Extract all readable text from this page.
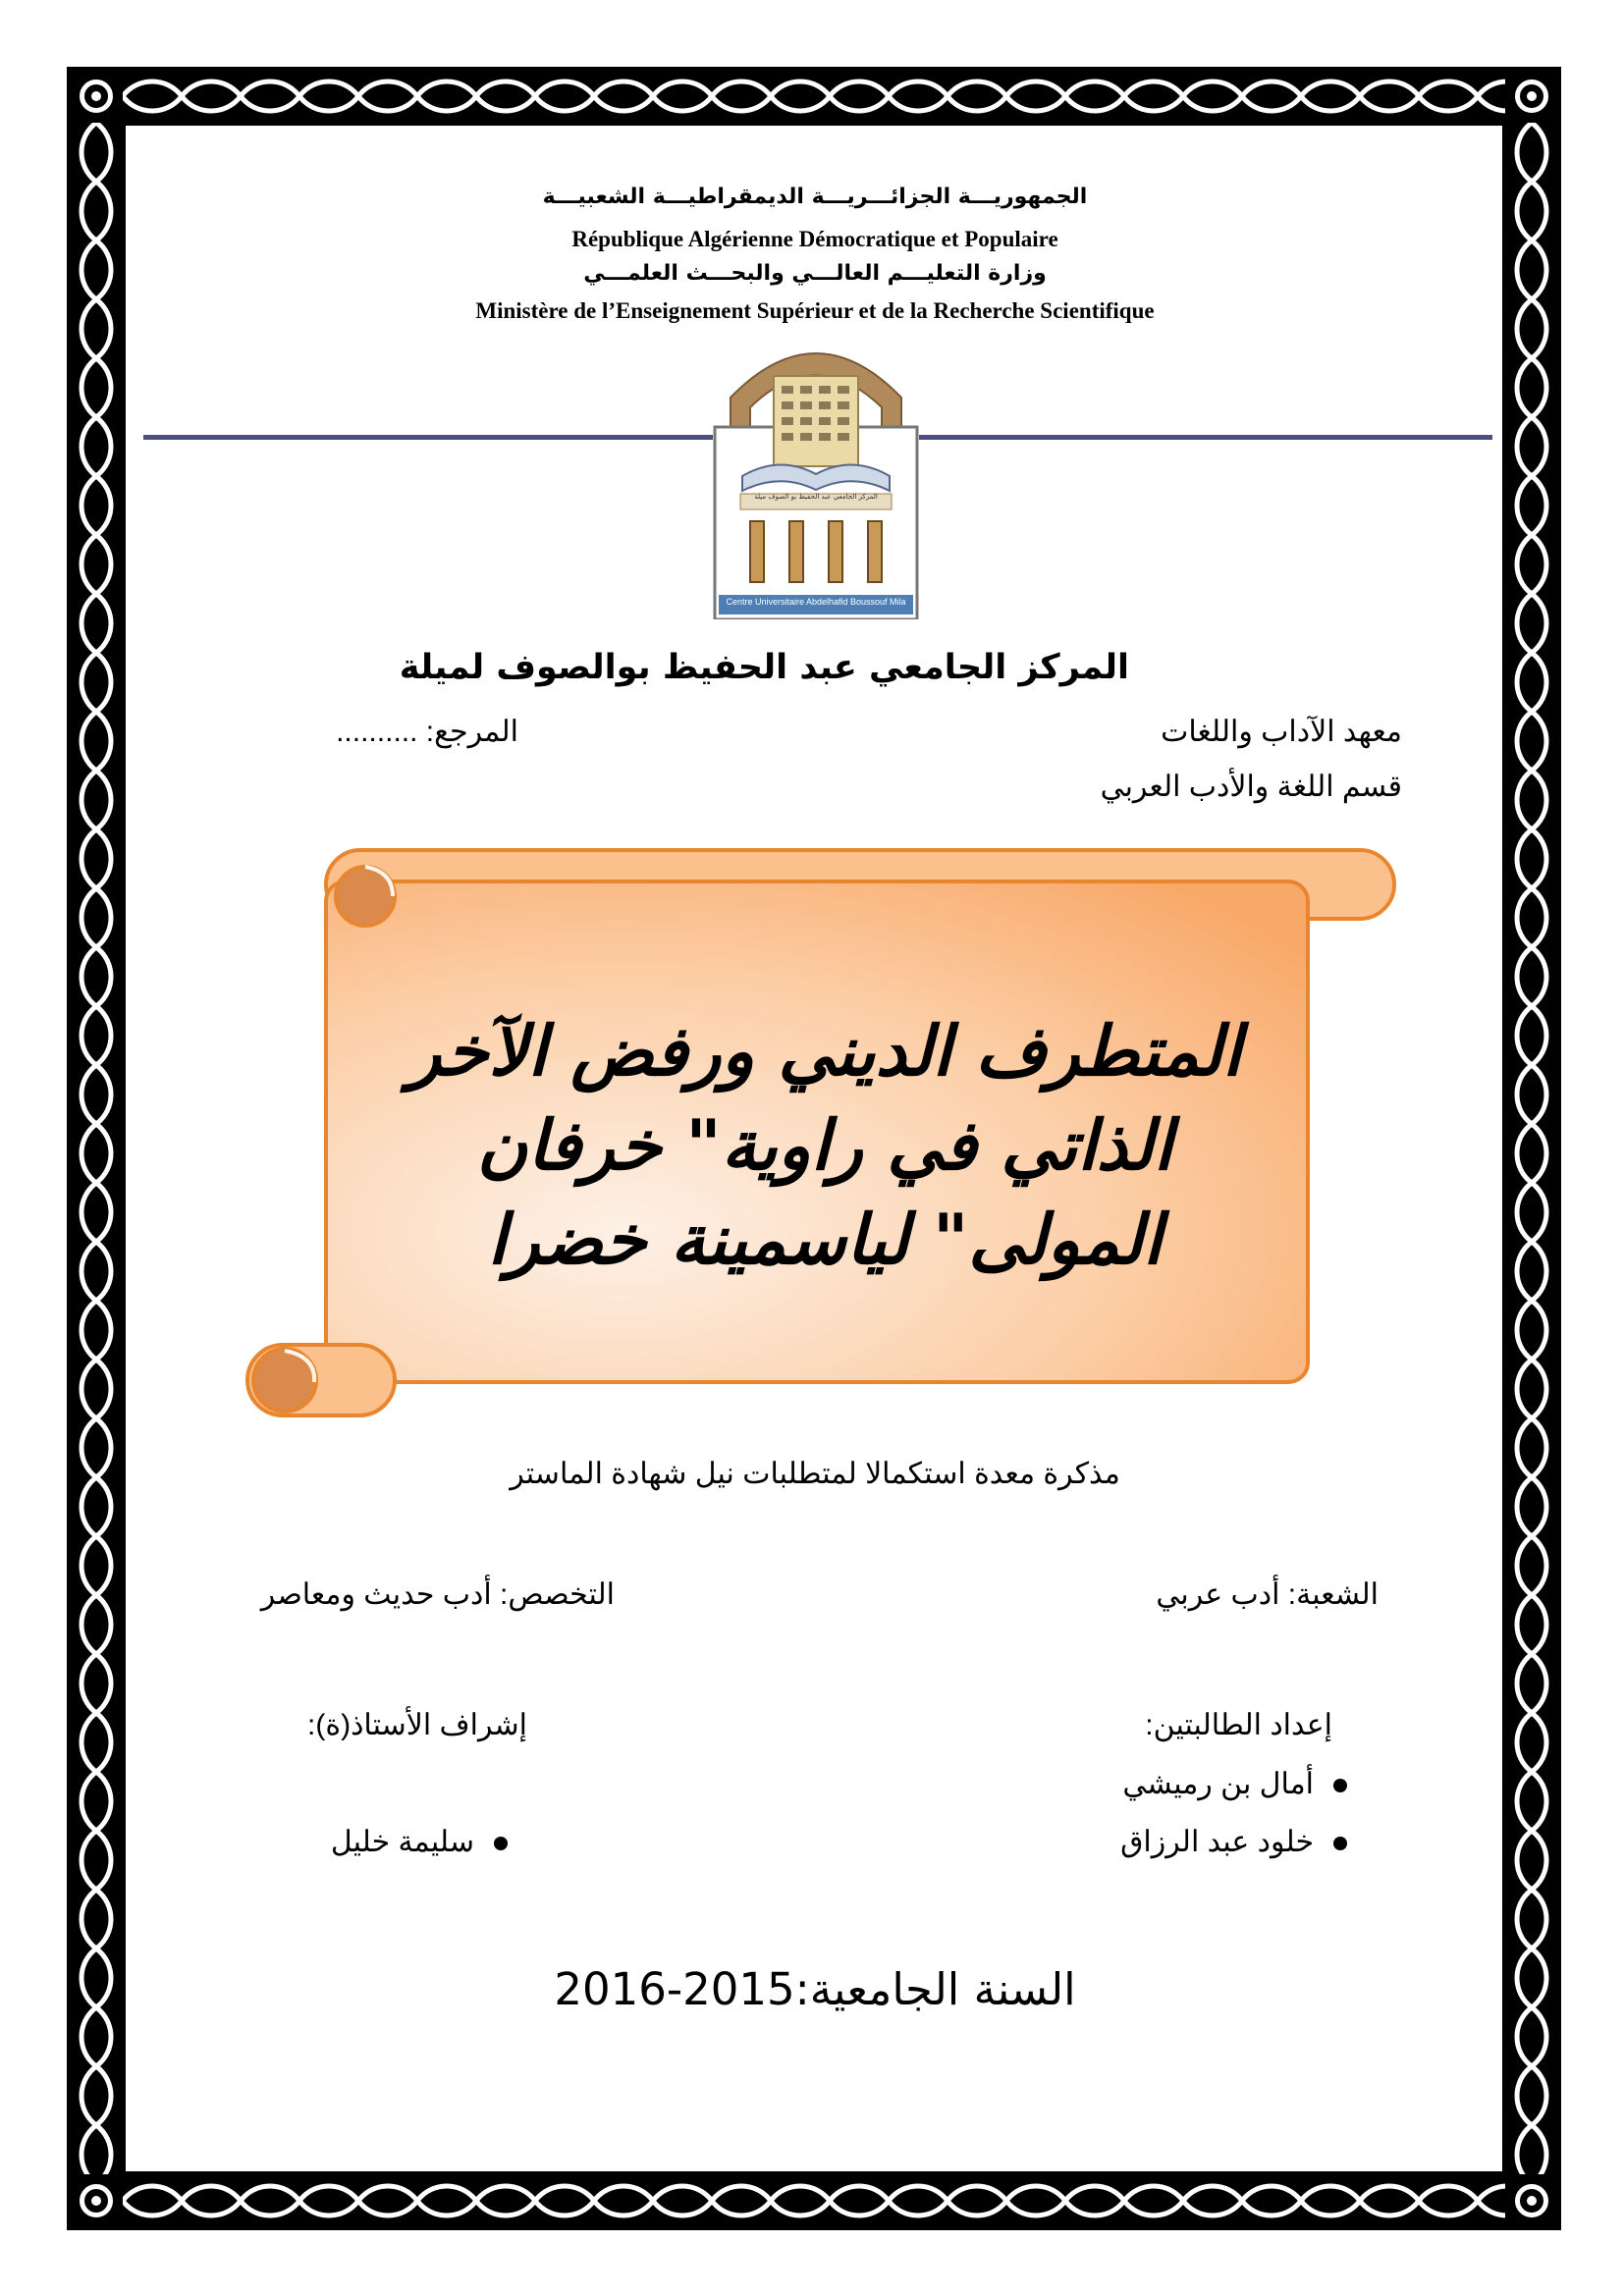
الجمهوريـــة الجزائـــريـــة الديمقراطيـــة الشعبيـــة
République Algérienne Démocratique et Populaire
وزارة التعليـــم العالـــي والبحـــث العلمـــي
Ministère de l’Enseignement Supérieur et de la Recherche Scientifique
المركز الجامعي عبد الحفيظ بو الصوف ميلة
Centre Universitaire Abdelhafid Boussouf Mila
المركز الجامعي عبد الحفيظ بوالصوف لميلة
معهد الآداب واللغات
المرجع: ..........
قسم اللغة والأدب العربي
المتطرف الديني ورفض الآخر
الذاتي في راوية" خرفان
المولى" لياسمينة خضرا
مذكرة معدة استكمالا لمتطلبات نيل شهادة الماستر
الشعبة: أدب عربي
التخصص: أدب حديث ومعاصر
إعداد الطالبتين:
إشراف الأستاذ(ة):
أمال بن رميشي
خلود عبد الرزاق
سليمة خليل
السنة الجامعية:2015-2016
